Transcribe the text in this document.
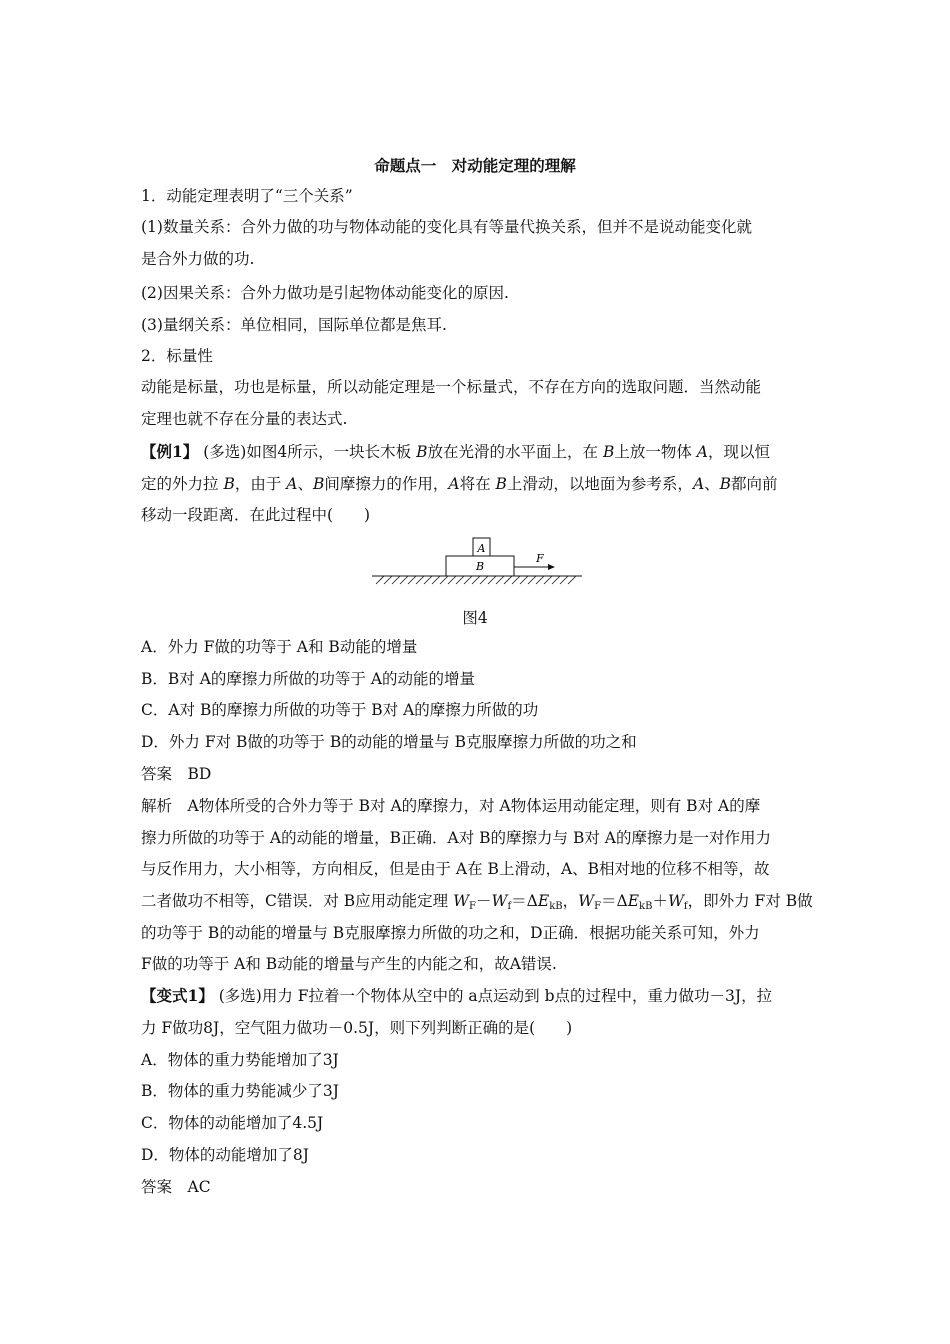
命题点一　对动能定理的理解
1．动能定理表明了“三个关系”
(1)数量关系：合外力做的功与物体动能的变化具有等量代换关系，但并不是说动能变化就
是合外力做的功.
(2)因果关系：合外力做功是引起物体动能变化的原因.
(3)量纲关系：单位相同，国际单位都是焦耳.
2．标量性
动能是标量，功也是标量，所以动能定理是一个标量式，不存在方向的选取问题．当然动能
定理也就不存在分量的表达式.
【例1】 (多选)如图4所示，一块长木板 B放在光滑的水平面上，在 B上放一物体 A，现以恒
定的外力拉 B，由于 A、B间摩擦力的作用，A将在 B上滑动，以地面为参考系，A、B都向前
移动一段距离．在此过程中(　　)
A
B
F
图4
A．外力 F做的功等于 A和 B动能的增量
B．B对 A的摩擦力所做的功等于 A的动能的增量
C．A对 B的摩擦力所做的功等于 B对 A的摩擦力所做的功
D．外力 F对 B做的功等于 B的动能的增量与 B克服摩擦力所做的功之和
答案　BD
解析　A物体所受的合外力等于 B对 A的摩擦力，对 A物体运用动能定理，则有 B对 A的摩
擦力所做的功等于 A的动能的增量，B正确．A对 B的摩擦力与 B对 A的摩擦力是一对作用力
与反作用力，大小相等，方向相反，但是由于 A在 B上滑动，A、B相对地的位移不相等，故
二者做功不相等，C错误．对 B应用动能定理 $W_F-W_f=\Delta E_{kB}$，$W_F=\Delta E_{kB}+W_f$，即外力 F对 B做
的功等于 B的动能的增量与 B克服摩擦力所做的功之和，D正确．根据功能关系可知，外力
F做的功等于 A和 B动能的增量与产生的内能之和，故A错误.
【变式1】 (多选)用力 F拉着一个物体从空中的 a点运动到 b点的过程中，重力做功－3J，拉
力 F做功8J，空气阻力做功－0.5J，则下列判断正确的是(　　)
A．物体的重力势能增加了3J
B．物体的重力势能减少了3J
C．物体的动能增加了4.5J
D．物体的动能增加了8J
答案　AC
